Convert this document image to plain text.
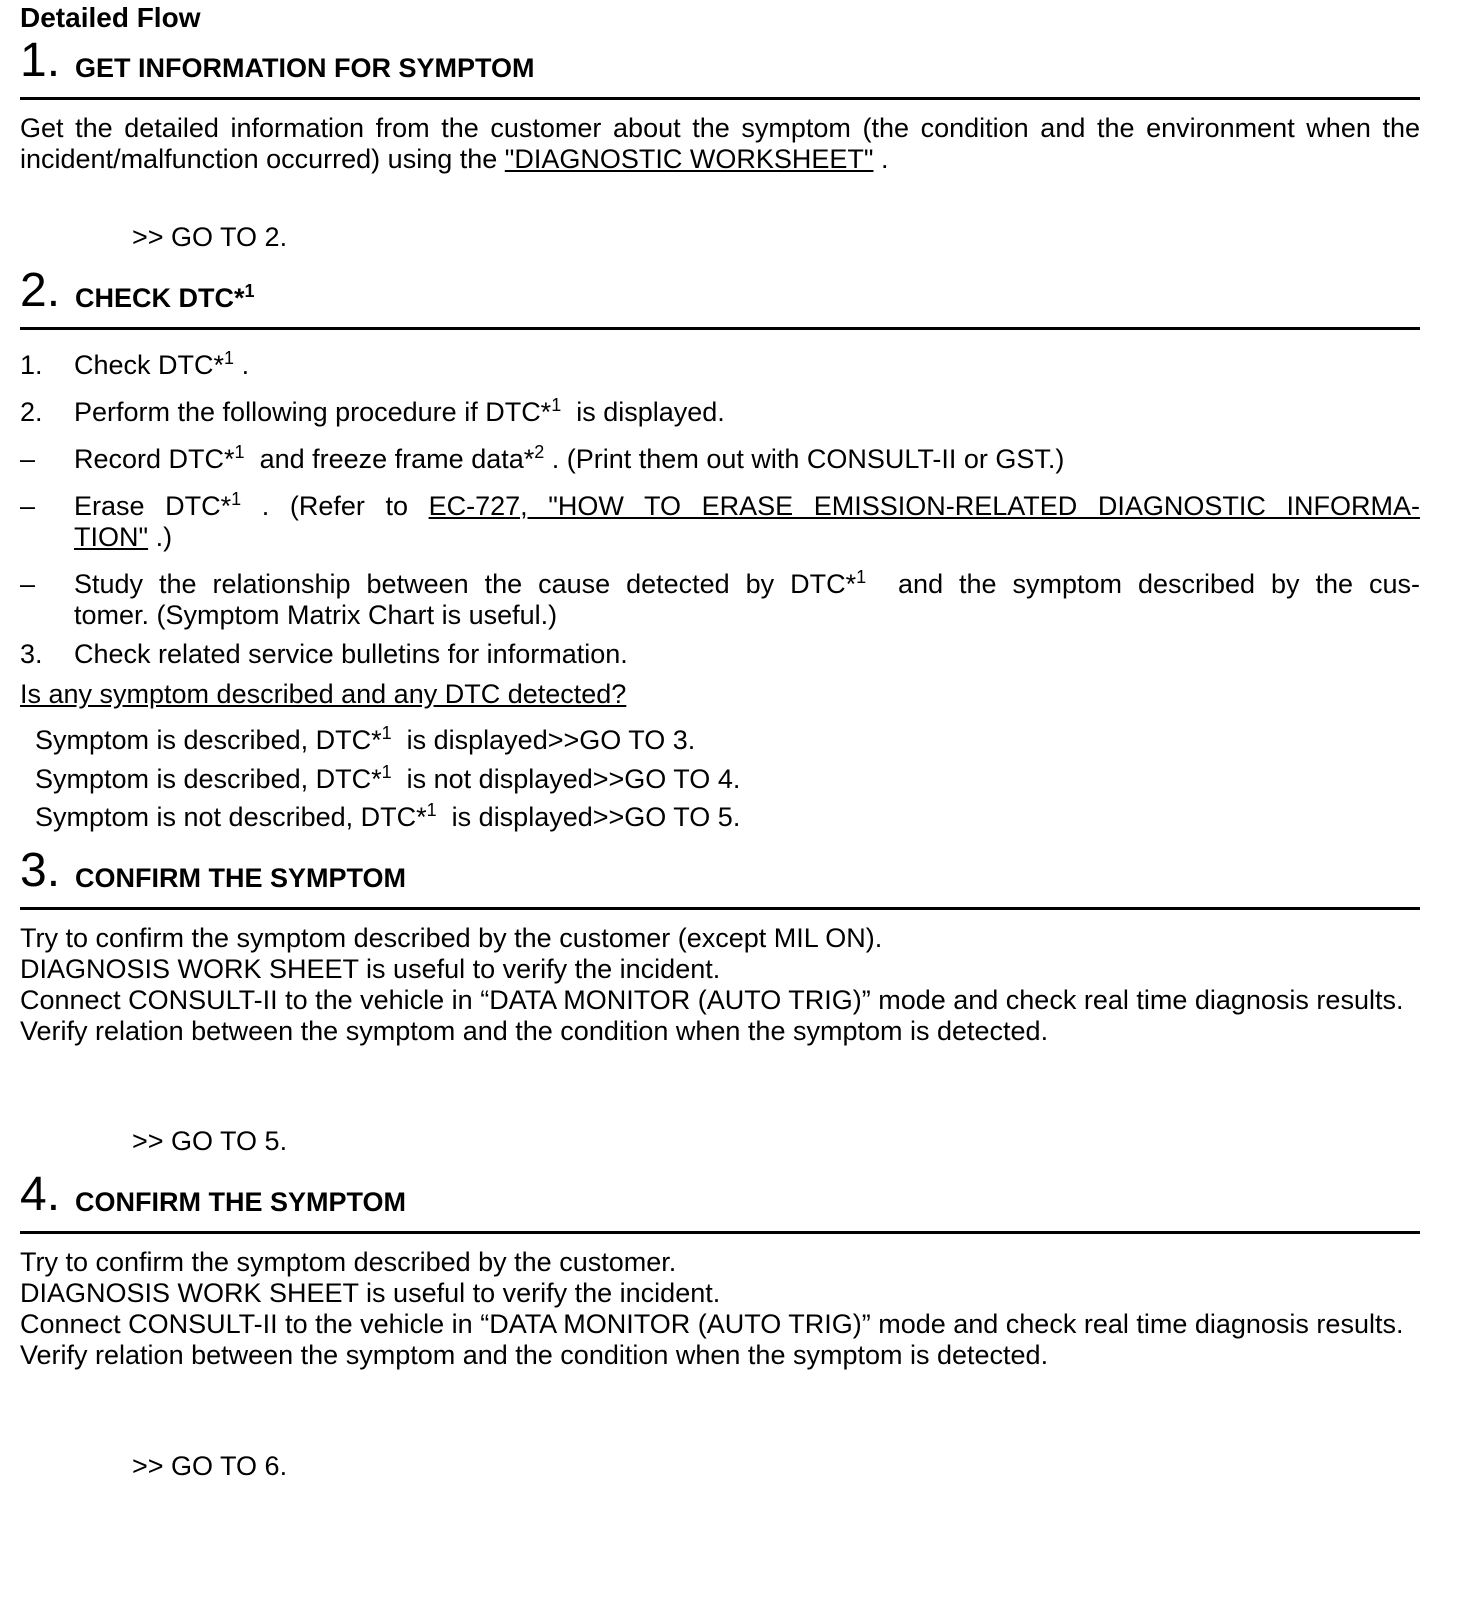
Detailed Flow
1. GET INFORMATION FOR SYMPTOM
Get the detailed information from the customer about the symptom (the condition and the environment when the incident/malfunction occurred) using the "DIAGNOSTIC WORKSHEET" .
>> GO TO 2.
2. CHECK DTC*$^1$
1. Check DTC*$^1$ .
2. Perform the following procedure if DTC*$^1$ is displayed.
– Record DTC*$^1$ and freeze frame data*$^2$ . (Print them out with CONSULT-II or GST.)
– Erase DTC*$^1$ . (Refer to EC-727, "HOW TO ERASE EMISSION-RELATED DIAGNOSTIC INFORMA-
TION" .)
– Study the relationship between the cause detected by DTC*$^1$ and the symptom described by the cus-
tomer. (Symptom Matrix Chart is useful.)
3. Check related service bulletins for information.
Is any symptom described and any DTC detected?
Symptom is described, DTC*$^1$ is displayed>>GO TO 3.
Symptom is described, DTC*$^1$ is not displayed>>GO TO 4.
Symptom is not described, DTC*$^1$ is displayed>>GO TO 5.
3. CONFIRM THE SYMPTOM
Try to confirm the symptom described by the customer (except MIL ON).
DIAGNOSIS WORK SHEET is useful to verify the incident.
Connect CONSULT-II to the vehicle in “DATA MONITOR (AUTO TRIG)” mode and check real time diagnosis results.
Verify relation between the symptom and the condition when the symptom is detected.
>> GO TO 5.
4. CONFIRM THE SYMPTOM
Try to confirm the symptom described by the customer.
DIAGNOSIS WORK SHEET is useful to verify the incident.
Connect CONSULT-II to the vehicle in “DATA MONITOR (AUTO TRIG)” mode and check real time diagnosis results.
Verify relation between the symptom and the condition when the symptom is detected.
>> GO TO 6.
